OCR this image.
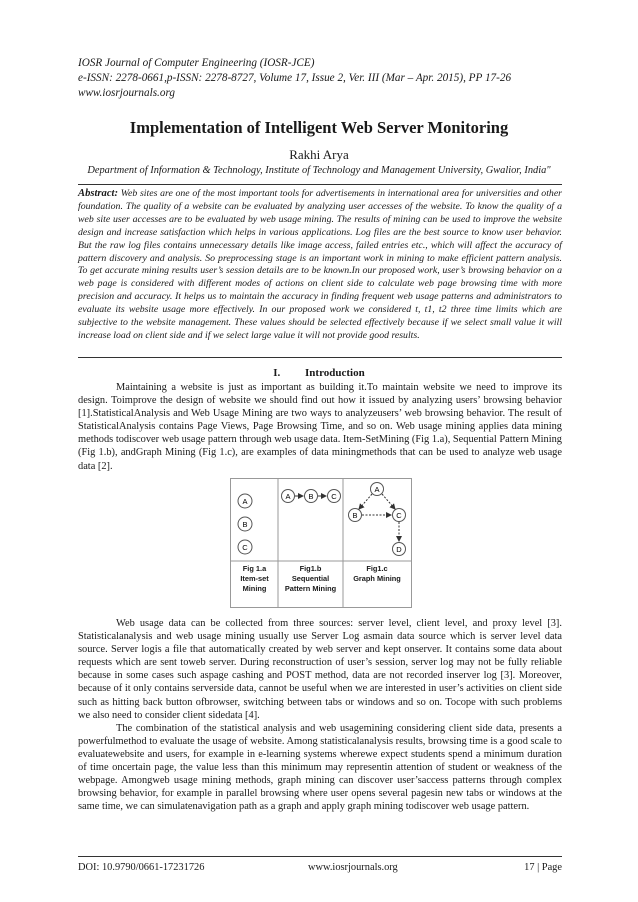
IOSR Journal of Computer Engineering (IOSR-JCE)
e-ISSN: 2278-0661,p-ISSN: 2278-8727, Volume 17, Issue 2, Ver. III (Mar – Apr. 2015), PP 17-26
www.iosrjournals.org
Implementation of Intelligent Web Server Monitoring
Rakhi Arya
Department of Information & Technology, Institute of Technology and Management University, Gwalior, India"
Abstract: Web sites are one of the most important tools for advertisements in international area for universities and other foundation. The quality of a website can be evaluated by analyzing user accesses of the website. To know the quality of a web site user accesses are to be evaluated by web usage mining. The results of mining can be used to improve the website design and increase satisfaction which helps in various applications. Log files are the best source to know user behavior. But the raw log files contains unnecessary details like image access, failed entries etc., which will affect the accuracy of pattern discovery and analysis. So preprocessing stage is an important work in mining to make efficient pattern analysis. To get accurate mining results user’s session details are to be known.In our proposed work, user’s browsing behavior on a web page is considered with different modes of actions on client side to calculate web page browsing time with more precision and accuracy. It helps us to maintain the accuracy in finding frequent web usage patterns and administrators to evaluate its website usage more effectively. In our proposed work we considered t, t1, t2 three time limits which are subjective to the website management. These values should be selected effectively because if we select small value it will increase load on client side and if we select large value it will not provide good results.
I. Introduction

Maintaining a website is just as important as building it.To maintain website we need to improve its design. Toimprove the design of website we should find out how it issued by analyzing users’ browsing behavior [1].StatisticalAnalysis and Web Usage Mining are two ways to analyzeusers’ web browsing behavior. The result of StatisticalAnalysis contains Page Views, Page Browsing Time, and so on. Web usage mining applies data mining methods todiscover web usage pattern through web usage data. Item-SetMining (Fig 1.a), Sequential Pattern Mining (Fig 1.b), andGraph Mining (Fig 1.c), are examples of data miningmethods that can be used to analyze web usage data [2].

A
B
C
A B C
A
B	C
D
Fig 1.a
Item-set
Mining
Fig1.b
Sequential
Pattern Mining
Fig1.c
Graph Mining

Web usage data can be collected from three sources: server level, client level, and proxy level [3]. Statisticalanalysis and web usage mining usually use Server Log asmain data source which is server level data source. Server logis a file that automatically created by web server and kept onserver. It contains some data about requests which are sent toweb server. During reconstruction of user’s session, server log may not be fully reliable because in some cases such aspage cashing and POST method, data are not recorded inserver log [3]. Moreover, because of it only contains serverside data, cannot be useful when we are interested in user’s activities on client side such as hitting back button ofbrowser, switching between tabs or windows and so on. Tocope with such problems we also need to consider client sidedata [4].

The combination of the statistical analysis and web usagemining considering client side data, presents a powerfulmethod to evaluate the usage of website. Among statisticalanalysis results, browsing time is a good scale to evaluatewebsite and users, for example in e-learning systems wherewe expect students spend a minimum duration of time oncertain page, the value less than this minimum may representin attention of student or weakness of the webpage. Amongweb usage mining methods, graph mining can discover user’saccess patterns through complex browsing behavior, for example in parallel browsing where user opens several pagesin new tabs or windows at the same time, we can simulatenavigation path as a graph and apply graph mining todiscover web usage pattern.

DOI: 10.9790/0661-17231726	www.iosrjournals.org	17 | Page
